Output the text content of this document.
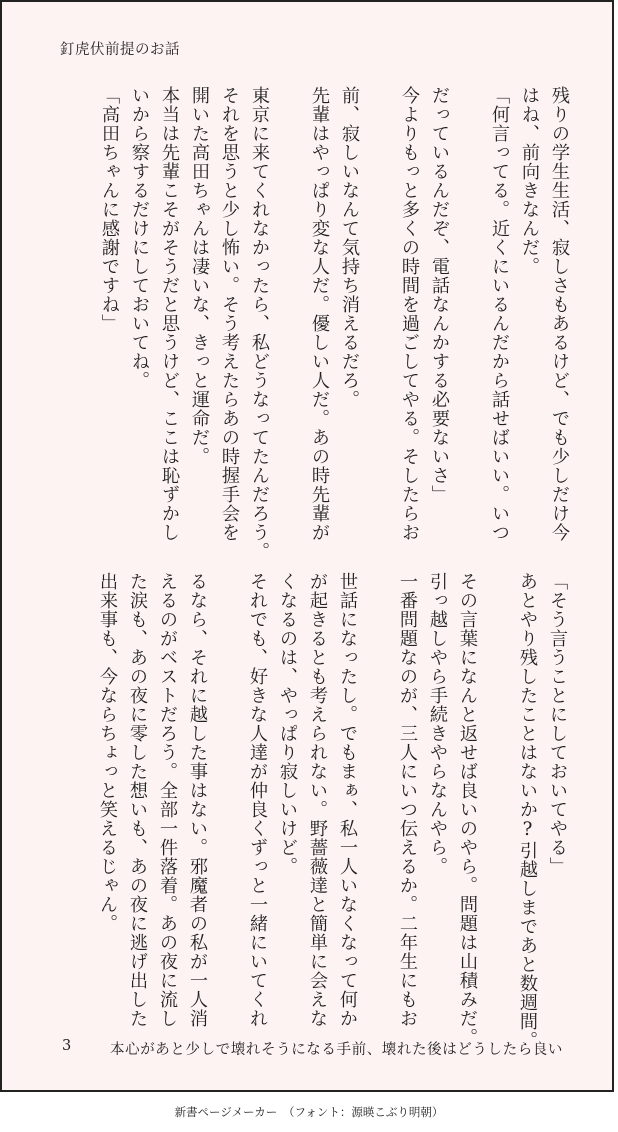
釘虎伏前提のお話

残りの学生生活、寂しさもあるけど、でも少しだけ今

はね、前向きなんだ。

「何言ってる。近くにいるんだから話せばいい。いつ

だっているんだぞ、電話なんかする必要ないさ」

今よりもっと多くの時間を過ごしてやる。そしたらお

前、寂しいなんて気持ち消えるだろ。

先輩はやっぱり変な人だ。優しい人だ。あの時先輩が

東京に来てくれなかったら、私どうなってたんだろう。

それを思うと少し怖い。そう考えたらあの時握手会を

開いた高田ちゃんは凄いな、きっと運命だ。

本当は先輩こそがそうだと思うけど、ここは恥ずかし

いから察するだけにしておいてね。

「高田ちゃんに感謝ですね」

「そう言うことにしておいてやる」

あとやり残したことはないか?引越しまであと数週間。

その言葉になんと返せば良いのやら。問題は山積みだ。

引っ越しやら手続きやらなんやら。

一番問題なのが、三人にいつ伝えるか。二年生にもお

世話になったし。でもまぁ、私一人いなくなって何か

が起きるとも考えられない。野薔薇達と簡単に会えな

くなるのは、やっぱり寂しいけど。

それでも、好きな人達が仲良くずっと一緒にいてくれ

るなら、それに越した事はない。邪魔者の私が一人消

えるのがベストだろう。全部一件落着。あの夜に流し

た涙も、あの夜に零した想いも、あの夜に逃げ出した

出来事も、今ならちょっと笑えるじゃん。

3	本心があと少しで壊れそうになる手前、壊れた後はどうしたら良い
新書ページメーカー　（フォント：源暎こぶり明朝）
